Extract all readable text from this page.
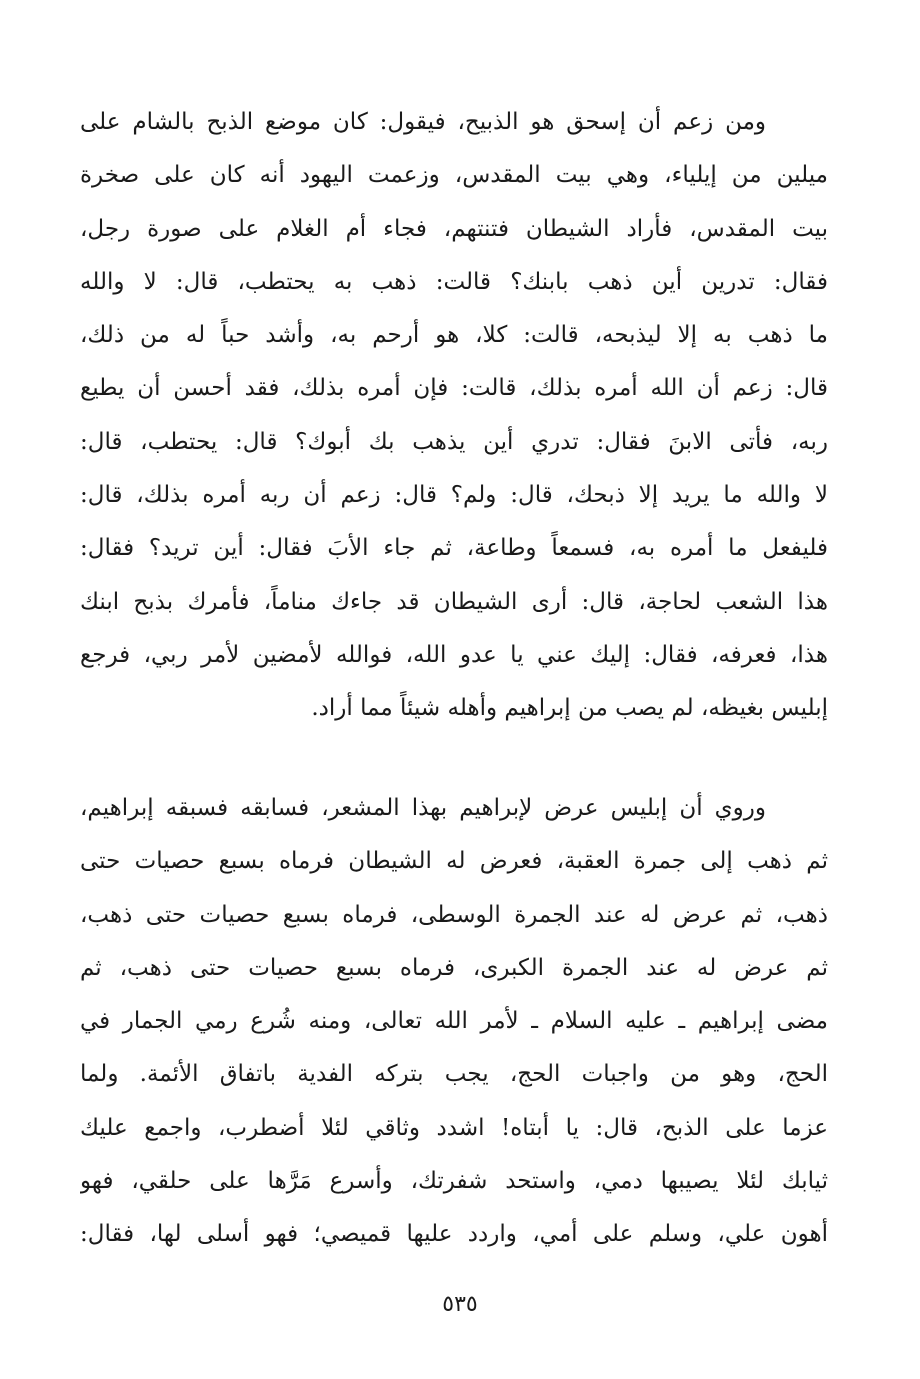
ومن زعم أن إسحق هو الذبيح، فيقول: كان موضع الذبح بالشام على
ميلين من إيلياء، وهي بيت المقدس، وزعمت اليهود أنه كان على صخرة
بيت المقدس، فأراد الشيطان فتنتهم، فجاء أم الغلام على صورة رجل،
فقال: تدرين أين ذهب بابنك؟ قالت: ذهب به يحتطب، قال: لا والله
ما ذهب به إلا ليذبحه، قالت: كلا، هو أرحم به، وأشد حباً له من ذلك،
قال: زعم أن الله أمره بذلك، قالت: فإن أمره بذلك، فقد أحسن أن يطيع
ربه، فأتى الابنَ فقال: تدري أين يذهب بك أبوك؟ قال: يحتطب، قال:
لا والله ما يريد إلا ذبحك، قال: ولم؟ قال: زعم أن ربه أمره بذلك، قال:
فليفعل ما أمره به، فسمعاً وطاعة، ثم جاء الأبَ فقال: أين تريد؟ فقال:
هذا الشعب لحاجة، قال: أرى الشيطان قد جاءك مناماً، فأمرك بذبح ابنك
هذا، فعرفه، فقال: إليك عني يا عدو الله، فوالله لأمضين لأمر ربي، فرجع
إبليس بغيظه، لم يصب من إبراهيم وأهله شيئاً مما أراد.
وروي أن إبليس عرض لإبراهيم بهذا المشعر، فسابقه فسبقه إبراهيم،
ثم ذهب إلى جمرة العقبة، فعرض له الشيطان فرماه بسبع حصيات حتى
ذهب، ثم عرض له عند الجمرة الوسطى، فرماه بسبع حصيات حتى ذهب،
ثم عرض له عند الجمرة الكبرى، فرماه بسبع حصيات حتى ذهب، ثم
مضى إبراهيم ـ عليه السلام ـ لأمر الله تعالى، ومنه شُرع رمي الجمار في
الحج، وهو من واجبات الحج، يجب بتركه الفدية باتفاق الأئمة. ولما
عزما على الذبح، قال: يا أبتاه! اشدد وثاقي لئلا أضطرب، واجمع عليك
ثيابك لئلا يصيبها دمي، واستحد شفرتك، وأسرع مَرَّها على حلقي، فهو
أهون علي، وسلم على أمي، واردد عليها قميصي؛ فهو أسلى لها، فقال:
٥٣٥
